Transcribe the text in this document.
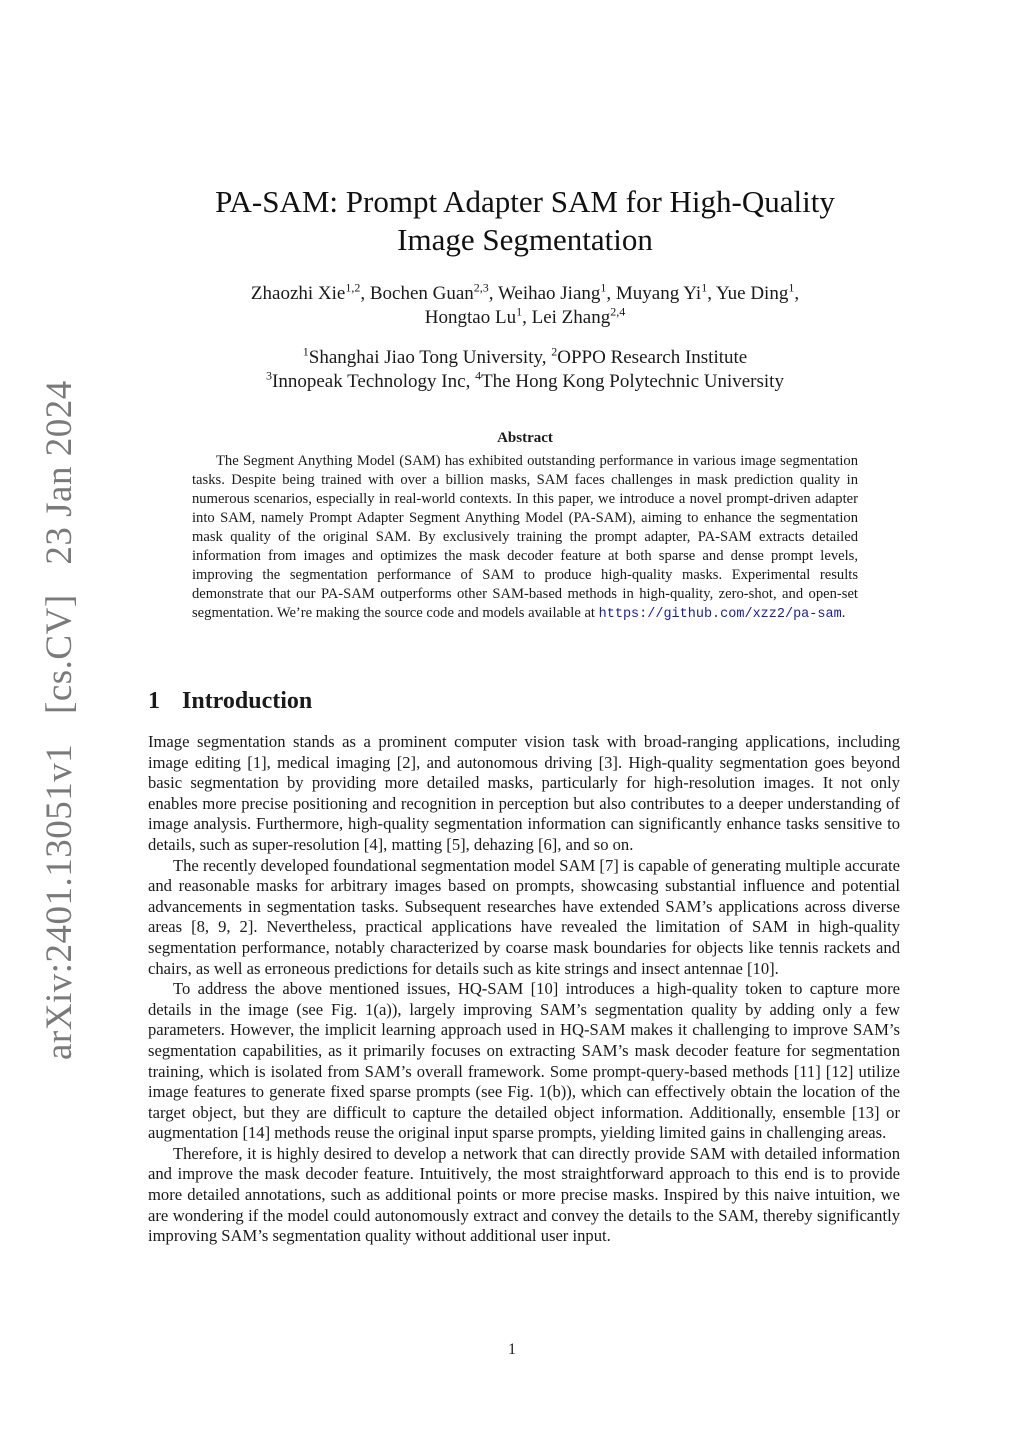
arXiv:2401.13051v1 [cs.CV] 23 Jan 2024
PA-SAM: Prompt Adapter SAM for High-Quality
Image Segmentation
Zhaozhi Xie$^{1,2}$, Bochen Guan$^{2,3}$, Weihao Jiang$^1$, Muyang Yi$^1$, Yue Ding$^1$,
Hongtao Lu$^1$, Lei Zhang$^{2,4}$
$^1$Shanghai Jiao Tong University, $^2$OPPO Research Institute
$^3$Innopeak Technology Inc, $^4$The Hong Kong Polytechnic University
Abstract

The Segment Anything Model (SAM) has exhibited outstanding performance in various image segmentation tasks. Despite being trained with over a billion masks, SAM faces challenges in mask prediction quality in numerous scenarios, especially in real-world contexts. In this paper, we introduce a novel prompt-driven adapter into SAM, namely Prompt Adapter Segment Anything Model (PA-SAM), aiming to enhance the segmentation mask quality of the original SAM. By exclusively training the prompt adapter, PA-SAM extracts detailed information from images and optimizes the mask decoder feature at both sparse and dense prompt levels, improving the segmentation performance of SAM to produce high-quality masks. Experimental results demonstrate that our PA-SAM outperforms other SAM-based methods in high-quality, zero-shot, and open-set segmentation. We’re making the source code and models available at https://github.com/xzz2/pa-sam.

1 Introduction

Image segmentation stands as a prominent computer vision task with broad-ranging applications, including image editing [1], medical imaging [2], and autonomous driving [3]. High-quality segmentation goes beyond basic segmentation by providing more detailed masks, particularly for high-resolution images. It not only enables more precise positioning and recognition in perception but also contributes to a deeper understanding of image analysis. Furthermore, high-quality segmentation information can significantly enhance tasks sensitive to details, such as super-resolution [4], matting [5], dehazing [6], and so on.

The recently developed foundational segmentation model SAM [7] is capable of generating multiple accurate and reasonable masks for arbitrary images based on prompts, showcasing substantial influence and potential advancements in segmentation tasks. Subsequent researches have extended SAM’s applications across diverse areas [8, 9, 2]. Nevertheless, practical applications have revealed the limitation of SAM in high-quality segmentation performance, notably characterized by coarse mask boundaries for objects like tennis rackets and chairs, as well as erroneous predictions for details such as kite strings and insect antennae [10].

To address the above mentioned issues, HQ-SAM [10] introduces a high-quality token to capture more details in the image (see Fig. 1(a)), largely improving SAM’s segmentation quality by adding only a few parameters. However, the implicit learning approach used in HQ-SAM makes it challenging to improve SAM’s segmentation capabilities, as it primarily focuses on extracting SAM’s mask decoder feature for segmentation training, which is isolated from SAM’s overall framework. Some prompt-query-based methods [11] [12] utilize image features to generate fixed sparse prompts (see Fig. 1(b)), which can effectively obtain the location of the target object, but they are difficult to capture the detailed object information. Additionally, ensemble [13] or augmentation [14] methods reuse the original input sparse prompts, yielding limited gains in challenging areas.

Therefore, it is highly desired to develop a network that can directly provide SAM with detailed information and improve the mask decoder feature. Intuitively, the most straightforward approach to this end is to provide more detailed annotations, such as additional points or more precise masks. Inspired by this naive intuition, we are wondering if the model could autonomously extract and convey the details to the SAM, thereby significantly improving SAM’s segmentation quality without additional user input.

1
